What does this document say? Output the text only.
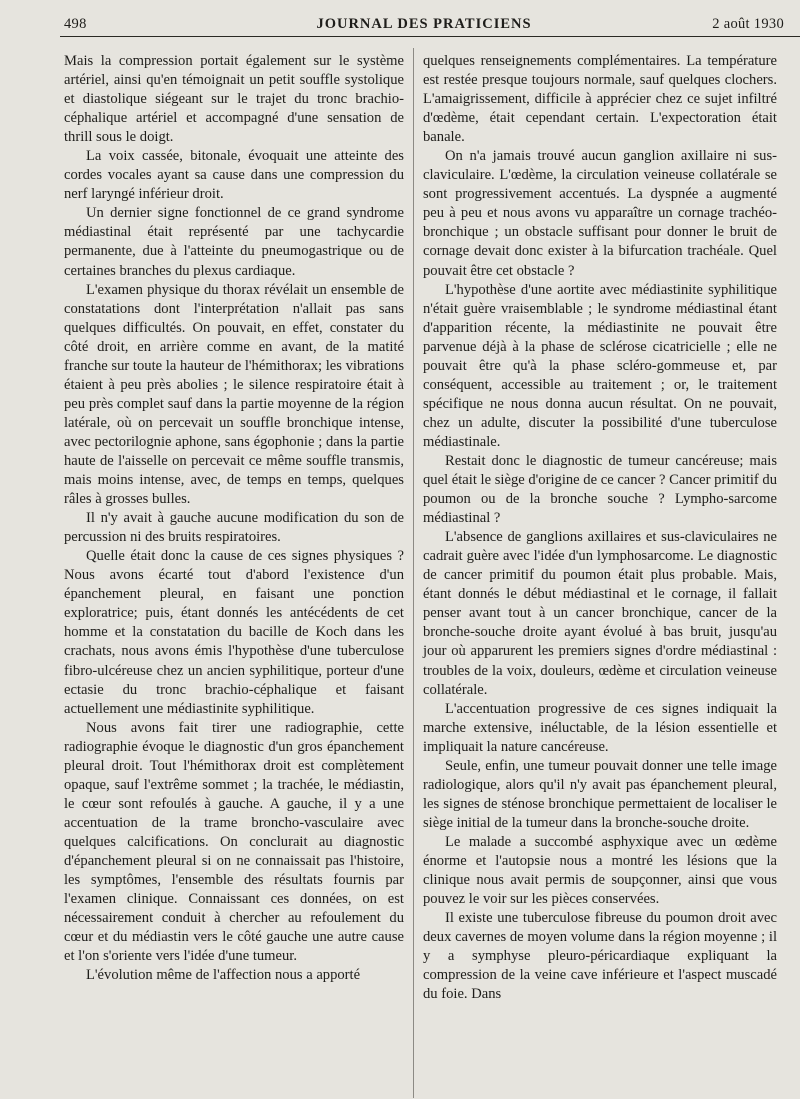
498	JOURNAL DES PRATICIENS	2 août 1930

Mais la compression portait également sur le système artériel, ainsi qu'en témoignait un petit souffle systolique et diastolique siégeant sur le trajet du tronc brachio-céphalique artériel et accompagné d'une sensation de thrill sous le doigt.

La voix cassée, bitonale, évoquait une atteinte des cordes vocales ayant sa cause dans une compression du nerf laryngé inférieur droit.

Un dernier signe fonctionnel de ce grand syndrome médiastinal était représenté par une tachycardie permanente, due à l'atteinte du pneumogastrique ou de certaines branches du plexus cardiaque.

L'examen physique du thorax révélait un ensemble de constatations dont l'interprétation n'allait pas sans quelques difficultés. On pouvait, en effet, constater du côté droit, en arrière comme en avant, de la matité franche sur toute la hauteur de l'hémithorax; les vibrations étaient à peu près abolies ; le silence respiratoire était à peu près complet sauf dans la partie moyenne de la région latérale, où on percevait un souffle bronchique intense, avec pectorilognie aphone, sans égophonie ; dans la partie haute de l'aisselle on percevait ce même souffle transmis, mais moins intense, avec, de temps en temps, quelques râles à grosses bulles.

Il n'y avait à gauche aucune modification du son de percussion ni des bruits respiratoires.

Quelle était donc la cause de ces signes physiques ? Nous avons écarté tout d'abord l'existence d'un épanchement pleural, en faisant une ponction exploratrice; puis, étant donnés les antécédents de cet homme et la constatation du bacille de Koch dans les crachats, nous avons émis l'hypothèse d'une tuberculose fibro-ulcéreuse chez un ancien syphilitique, porteur d'une ectasie du tronc brachio-céphalique et faisant actuellement une médiastinite syphilitique.

Nous avons fait tirer une radiographie, cette radiographie évoque le diagnostic d'un gros épanchement pleural droit. Tout l'hémithorax droit est complètement opaque, sauf l'extrême sommet ; la trachée, le médiastin, le cœur sont refoulés à gauche. A gauche, il y a une accentuation de la trame broncho-vasculaire avec quelques calcifications. On conclurait au diagnostic d'épanchement pleural si on ne connaissait pas l'histoire, les symptômes, l'ensemble des résultats fournis par l'examen clinique. Connaissant ces données, on est nécessairement conduit à chercher au refoulement du cœur et du médiastin vers le côté gauche une autre cause et l'on s'oriente vers l'idée d'une tumeur.

L'évolution même de l'affection nous a apporté

quelques renseignements complémentaires. La température est restée presque toujours normale, sauf quelques clochers. L'amaigrissement, difficile à apprécier chez ce sujet infiltré d'œdème, était cependant certain. L'expectoration était banale.

On n'a jamais trouvé aucun ganglion axillaire ni sus-claviculaire. L'œdème, la circulation veineuse collatérale se sont progressivement accentués. La dyspnée a augmenté peu à peu et nous avons vu apparaître un cornage trachéo-bronchique ; un obstacle suffisant pour donner le bruit de cornage devait donc exister à la bifurcation trachéale. Quel pouvait être cet obstacle ?

L'hypothèse d'une aortite avec médiastinite syphilitique n'était guère vraisemblable ; le syndrome médiastinal étant d'apparition récente, la médiastinite ne pouvait être parvenue déjà à la phase de sclérose cicatricielle ; elle ne pouvait être qu'à la phase scléro-gommeuse et, par conséquent, accessible au traitement ; or, le traitement spécifique ne nous donna aucun résultat. On ne pouvait, chez un adulte, discuter la possibilité d'une tuberculose médiastinale.

Restait donc le diagnostic de tumeur cancéreuse; mais quel était le siège d'origine de ce cancer ? Cancer primitif du poumon ou de la bronche souche ? Lympho-sarcome médiastinal ?

L'absence de ganglions axillaires et sus-claviculaires ne cadrait guère avec l'idée d'un lymphosarcome. Le diagnostic de cancer primitif du poumon était plus probable. Mais, étant donnés le début médiastinal et le cornage, il fallait penser avant tout à un cancer bronchique, cancer de la bronche-souche droite ayant évolué à bas bruit, jusqu'au jour où apparurent les premiers signes d'ordre médiastinal : troubles de la voix, douleurs, œdème et circulation veineuse collatérale.

L'accentuation progressive de ces signes indiquait la marche extensive, inéluctable, de la lésion essentielle et impliquait la nature cancéreuse.

Seule, enfin, une tumeur pouvait donner une telle image radiologique, alors qu'il n'y avait pas épanchement pleural, les signes de sténose bronchique permettaient de localiser le siège initial de la tumeur dans la bronche-souche droite.

Le malade a succombé asphyxique avec un œdème énorme et l'autopsie nous a montré les lésions que la clinique nous avait permis de soupçonner, ainsi que vous pouvez le voir sur les pièces conservées.

Il existe une tuberculose fibreuse du poumon droit avec deux cavernes de moyen volume dans la région moyenne ; il y a symphyse pleuro-péricardiaque expliquant la compression de la veine cave inférieure et l'aspect muscadé du foie. Dans
